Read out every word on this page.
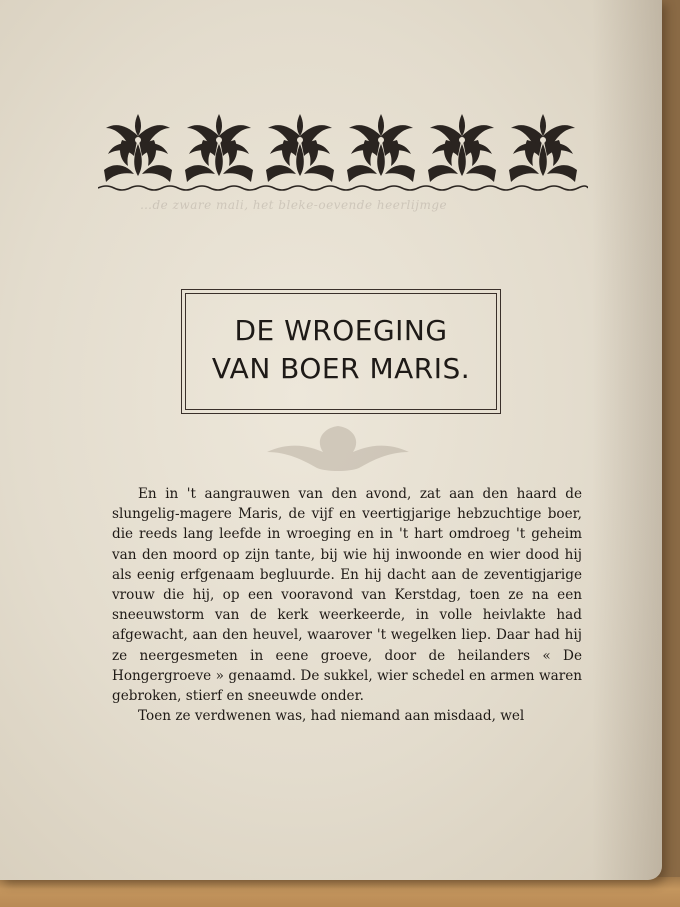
…de zware mali, het bleke-oevende heerlijmge
DE WROEGING
VAN BOER MARIS.

En in 't aangrauwen van den avond, zat aan den haard de slungelig-magere Maris, de vijf en veertigjarige hebzuchtige boer, die reeds lang leefde in wroeging en in 't hart omdroeg 't geheim van den moord op zijn tante, bij wie hij inwoonde en wier dood hij als eenig erfgenaam begluurde. En hij dacht aan de zeventigjarige vrouw die hij, op een vooravond van Kerstdag, toen ze na een sneeuwstorm van de kerk weerkeerde, in volle heivlakte had afgewacht, aan den heuvel, waarover 't wegelken liep. Daar had hij ze neergesmeten in eene groeve, door de heilanders « De Hongergroeve » genaamd. De sukkel, wier schedel en armen waren gebroken, stierf en sneeuwde onder.

Toen ze verdwenen was, had niemand aan misdaad, wel
